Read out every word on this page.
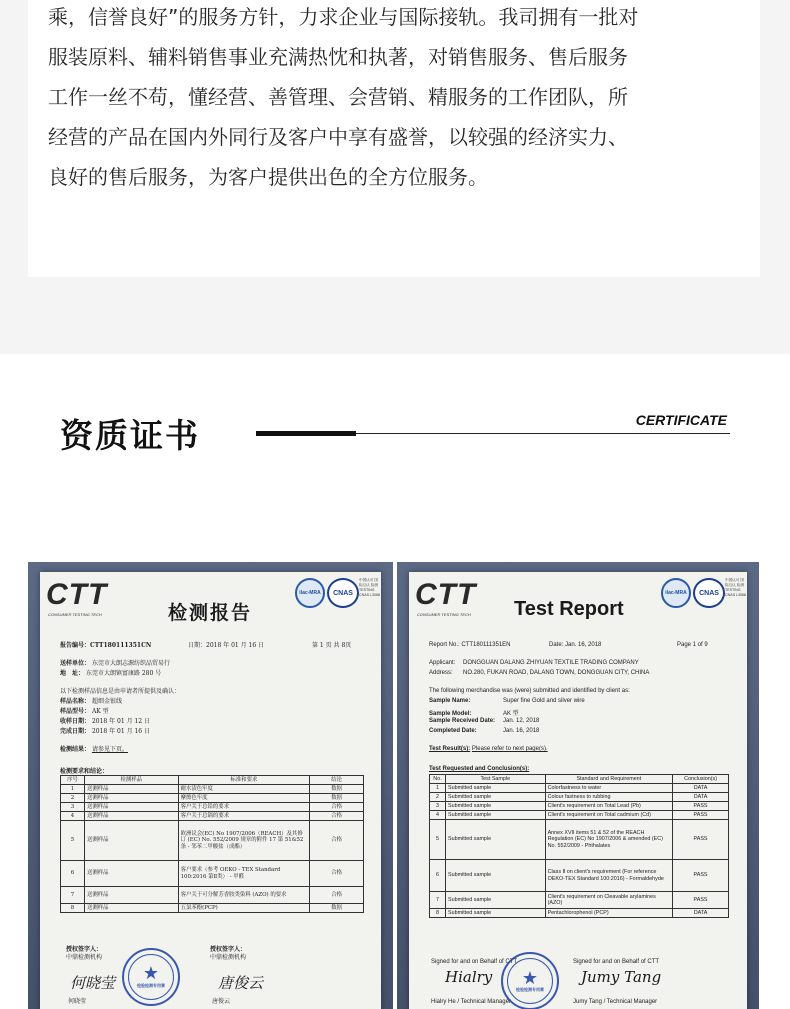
乘，信誉良好”的服务方针，力求企业与国际接轨。我司拥有一批对
服装原料、辅料销售事业充满热忱和执著，对销售服务、售后服务
工作一丝不苟，懂经营、善管理、会营销、精服务的工作团队，所
经营的产品在国内外同行及客户中享有盛誉，以较强的经济实力、
良好的售后服务，为客户提供出色的全方位服务。
资质证书	CERTIFICATE
CTT
CONSUMER TESTING TECH	检测报告
ilac-MRA	CNAS
中国认可 国际互认 检测 TESTING CNAS L3068
报告编号：CTT180111351CN	日期：2018 年 01 月 16 日	第 1 页 共 8页
送样单位： 东莞市大朗志源纺织品贸易行
地　址： 东莞市大朗镇富康路 280 号
以下检测样品信息是由申请者所提供及确认：
样品名称： 超细金银线
样品型号： AK 型
收样日期： 2018 年 01 月 12 日
完成日期： 2018 年 01 月 16 日
检测结果： 请参见下页。
检测要求和结论：
序号	检测样品	标准和要求	结论
1	送测样品	耐水渍色牢度	数据
2	送测样品	摩擦色牢度	数据
3	送测样品	客户关于总铅的要求	合格
4	送测样品	客户关于总镉的要求	合格
5	送测样品	欧洲议会(EC) No 1907/2006（REACH）及其修订 (EC) No. 552/2009 规章的附件 17 第 51&52 条 - 邻苯二甲酸盐（成酯）	合格
6	送测样品	客户要求（参考 OEKO - TEX Standard 100:2016 第Ⅱ类） - 甲醛	合格
7	送测样品	客户关于可分解芳香胺类染料 (AZO) 的要求	合格
8	送测样品	五氯苯酚(PCP)	数据
授权签字人：
中鼎检测机构
何晓莹
何晓莹
授权签字人：
中鼎检测机构
唐俊云
唐俊云
★
检验检测专用章
CTT
CONSUMER TESTING TECH Test Report
ilac-MRA	CNAS
中国认可 国际互认 检测 TESTING CNAS L3068
Report No.: CTT180111351EN	Date: Jan. 16, 2018	Page 1 of 9
Applicant: DONGGUAN DALANG ZHIYUAN TEXTILE TRADING COMPANY
Address: NO.280, FUKAN ROAD, DALANG TOWN, DONGGUAN CITY, CHINA
The following merchandise was (were) submitted and identified by client as:
Sample Name:	Super fine Gold and silver wire
Sample Model:	AK 型
Sample Received Date: Jan. 12, 2018
Completed Date:	Jan. 16, 2018
Test Result(s): Please refer to next page(s).
Test Requested and Conclusion(s):
No.	Test Sample	Standard and Requirement	Conclusion(s)
1	Submitted sample	Colorfastness to water	DATA
2	Submitted sample	Colour fastness to rubbing	DATA
3	Submitted sample	Client's requirement on Total Lead (Pb)	PASS
4	Submitted sample	Client's requirement on Total cadmium (Cd)	PASS
5	Submitted sample	Annex XVII items 51 & 52 of the REACH Regulation (EC) No 1907/2006 & amended (EC) No. 552/2009 - Phthalates	PASS
6	Submitted sample	Class Ⅱ on client's requirement (For reference OEKO-TEX Standard 100:2016) - Formaldehyde	PASS
7	Submitted sample	Client's requirement on Cleavable arylamines (AZO)	PASS
8	Submitted sample	Pentachlorophenol (PCP)	DATA
Signed for and on Behalf of CTT
Hialry
Hialry He / Technical Manager
Signed for and on Behalf of CTT
Jumy Tang
Jumy Tang / Technical Manager
★
检验检测专用章
